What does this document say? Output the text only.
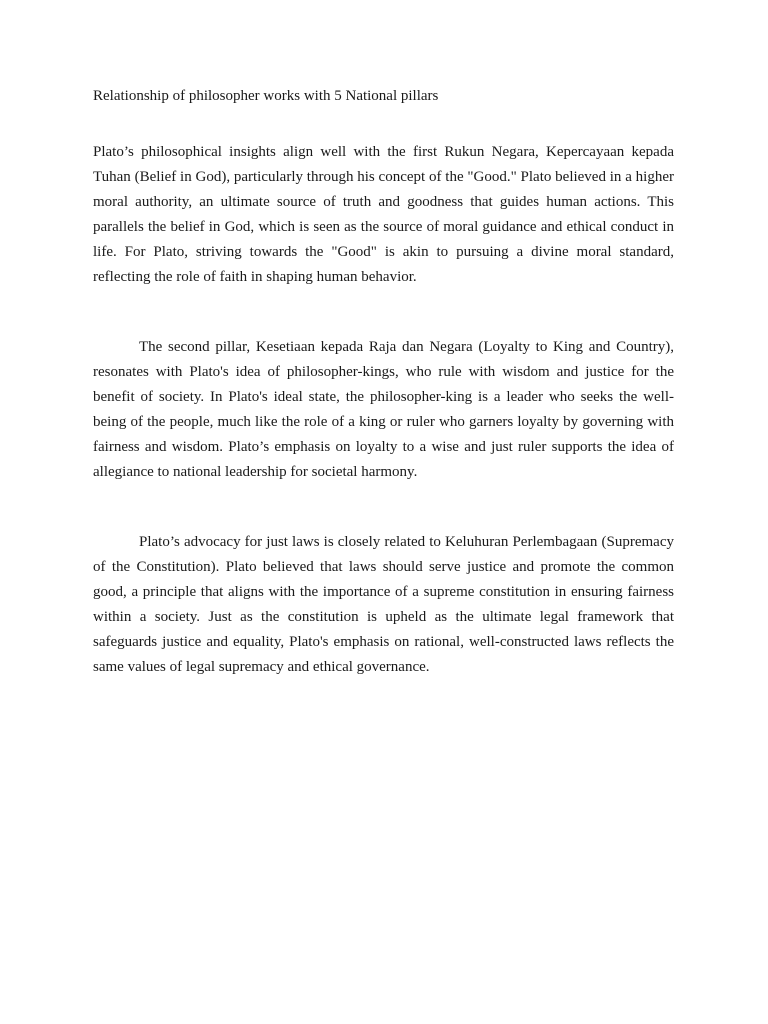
Relationship of philosopher works with 5 National pillars

Plato’s philosophical insights align well with the first Rukun Negara, Kepercayaan kepada Tuhan (Belief in God), particularly through his concept of the "Good." Plato believed in a higher moral authority, an ultimate source of truth and goodness that guides human actions. This parallels the belief in God, which is seen as the source of moral guidance and ethical conduct in life. For Plato, striving towards the "Good" is akin to pursuing a divine moral standard, reflecting the role of faith in shaping human behavior.

The second pillar, Kesetiaan kepada Raja dan Negara (Loyalty to King and Country), resonates with Plato's idea of philosopher-kings, who rule with wisdom and justice for the benefit of society. In Plato's ideal state, the philosopher-king is a leader who seeks the well-being of the people, much like the role of a king or ruler who garners loyalty by governing with fairness and wisdom. Plato’s emphasis on loyalty to a wise and just ruler supports the idea of allegiance to national leadership for societal harmony.

Plato’s advocacy for just laws is closely related to Keluhuran Perlembagaan (Supremacy of the Constitution). Plato believed that laws should serve justice and promote the common good, a principle that aligns with the importance of a supreme constitution in ensuring fairness within a society. Just as the constitution is upheld as the ultimate legal framework that safeguards justice and equality, Plato's emphasis on rational, well-constructed laws reflects the same values of legal supremacy and ethical governance.
